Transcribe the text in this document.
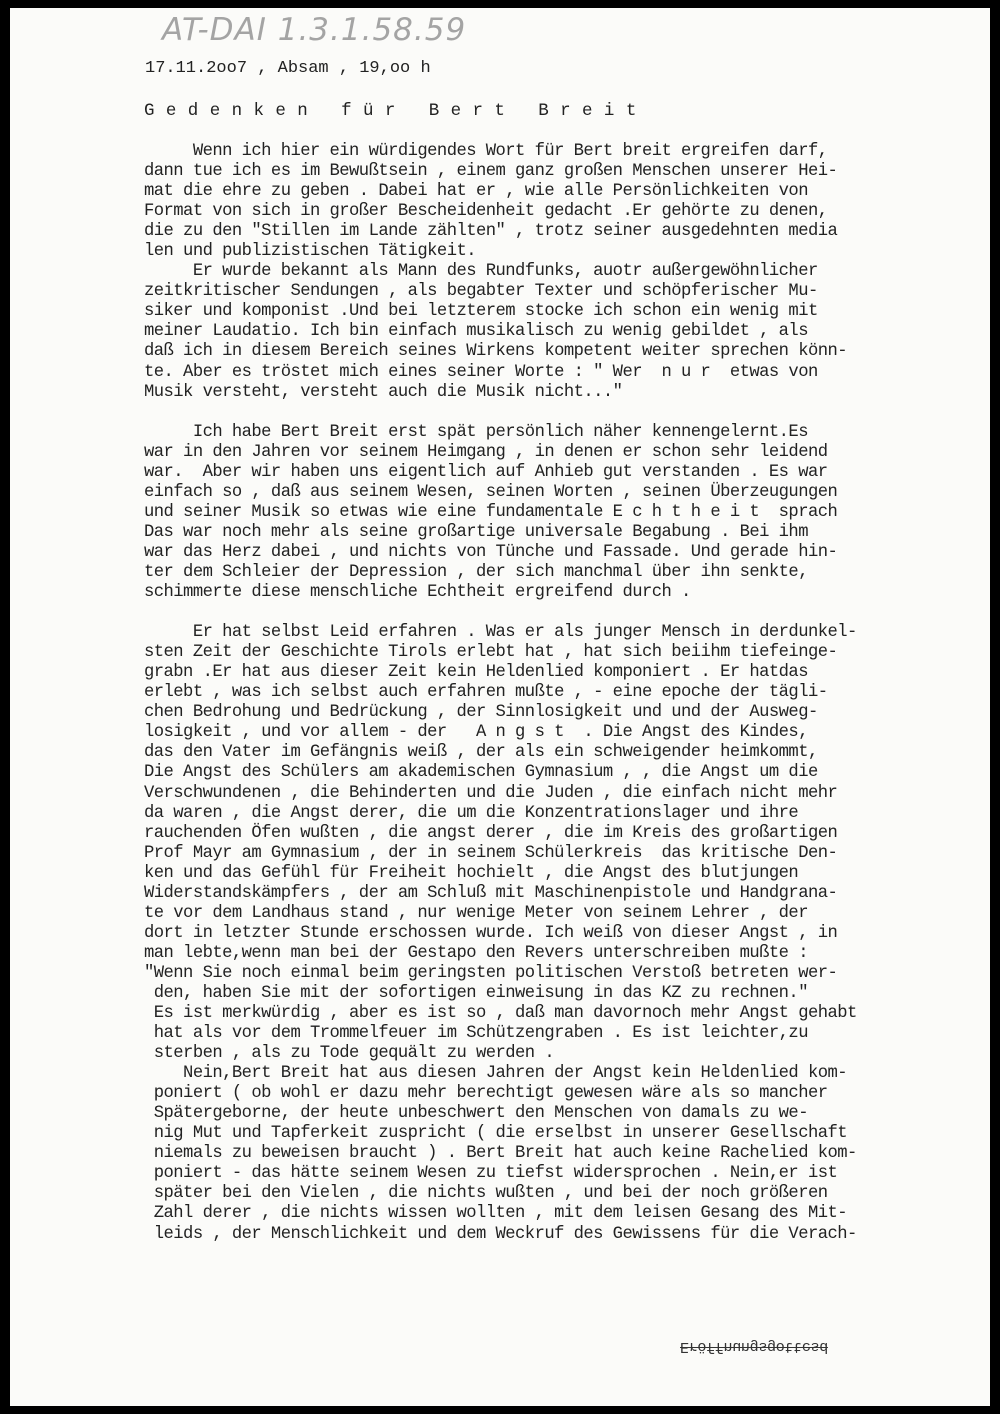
AT-DAI 1.3.1.58.59
17.11.2oo7 , Absam , 19,oo h
Gedenken für Bert Breit
Wenn ich hier ein würdigendes Wort für Bert breit ergreifen darf,
dann tue ich es im Bewußtsein , einem ganz großen Menschen unserer Hei-
mat die ehre zu geben . Dabei hat er , wie alle Persönlichkeiten von
Format von sich in großer Bescheidenheit gedacht .Er gehörte zu denen,
die zu den "Stillen im Lande zählten" , trotz seiner ausgedehnten media
len und publizistischen Tätigkeit.
Er wurde bekannt als Mann des Rundfunks, auotr außergewöhnlicher
zeitkritischer Sendungen , als begabter Texter und schöpferischer Mu-
siker und komponist .Und bei letzterem stocke ich schon ein wenig mit
meiner Laudatio. Ich bin einfach musikalisch zu wenig gebildet , als
daß ich in diesem Bereich seines Wirkens kompetent weiter sprechen könn-
te. Aber es tröstet mich eines seiner Worte : " Wer  n u r  etwas von
Musik versteht, versteht auch die Musik nicht..."
Ich habe Bert Breit erst spät persönlich näher kennengelernt.Es
war in den Jahren vor seinem Heimgang , in denen er schon sehr leidend
war.  Aber wir haben uns eigentlich auf Anhieb gut verstanden . Es war
einfach so , daß aus seinem Wesen, seinen Worten , seinen Überzeugungen
und seiner Musik so etwas wie eine fundamentale E c h t h e i t  sprach
Das war noch mehr als seine großartige universale Begabung . Bei ihm
war das Herz dabei , und nichts von Tünche und Fassade. Und gerade hin-
ter dem Schleier der Depression , der sich manchmal über ihn senkte,
schimmerte diese menschliche Echtheit ergreifend durch .
Er hat selbst Leid erfahren . Was er als junger Mensch in derdunkel-
sten Zeit der Geschichte Tirols erlebt hat , hat sich beiihm tiefeinge-
grabn .Er hat aus dieser Zeit kein Heldenlied komponiert . Er hatdas
erlebt , was ich selbst auch erfahren mußte , - eine epoche der tägli-
chen Bedrohung und Bedrückung , der Sinnlosigkeit und und der Ausweg-
losigkeit , und vor allem - der   A n g s t  . Die Angst des Kindes,
das den Vater im Gefängnis weiß , der als ein schweigender heimkommt,
Die Angst des Schülers am akademischen Gymnasium , , die Angst um die
Verschwundenen , die Behinderten und die Juden , die einfach nicht mehr
da waren , die Angst derer, die um die Konzentrationslager und ihre
rauchenden Öfen wußten , die angst derer , die im Kreis des großartigen
Prof Mayr am Gymnasium , der in seinem Schülerkreis  das kritische Den-
ken und das Gefühl für Freiheit hochielt , die Angst des blutjungen
Widerstandskämpfers , der am Schluß mit Maschinenpistole und Handgrana-
te vor dem Landhaus stand , nur wenige Meter von seinem Lehrer , der
dort in letzter Stunde erschossen wurde. Ich weiß von dieser Angst , in
man lebte,wenn man bei der Gestapo den Revers unterschreiben mußte :
"Wenn Sie noch einmal beim geringsten politischen Verstoß betreten wer-
den, haben Sie mit der sofortigen einweisung in das KZ zu rechnen."
Es ist merkwürdig , aber es ist so , daß man davornoch mehr Angst gehabt
hat als vor dem Trommelfeuer im Schützengraben . Es ist leichter,zu
sterben , als zu Tode gequält zu werden .
Nein,Bert Breit hat aus diesen Jahren der Angst kein Heldenlied kom-
poniert ( ob wohl er dazu mehr berechtigt gewesen wäre als so mancher
Spätergeborne, der heute unbeschwert den Menschen von damals zu we-
nig Mut und Tapferkeit zuspricht ( die erselbst in unserer Gesellschaft
niemals zu beweisen braucht ) . Bert Breit hat auch keine Rachelied kom-
poniert - das hätte seinem Wesen zu tiefst widersprochen . Nein,er ist
später bei den Vielen , die nichts wußten , und bei der noch größeren
Zahl derer , die nichts wissen wollten , mit dem leisen Gesang des Mit-
leids , der Menschlichkeit und dem Weckruf des Gewissens für die Verach-
Eröffnungsgottesd
